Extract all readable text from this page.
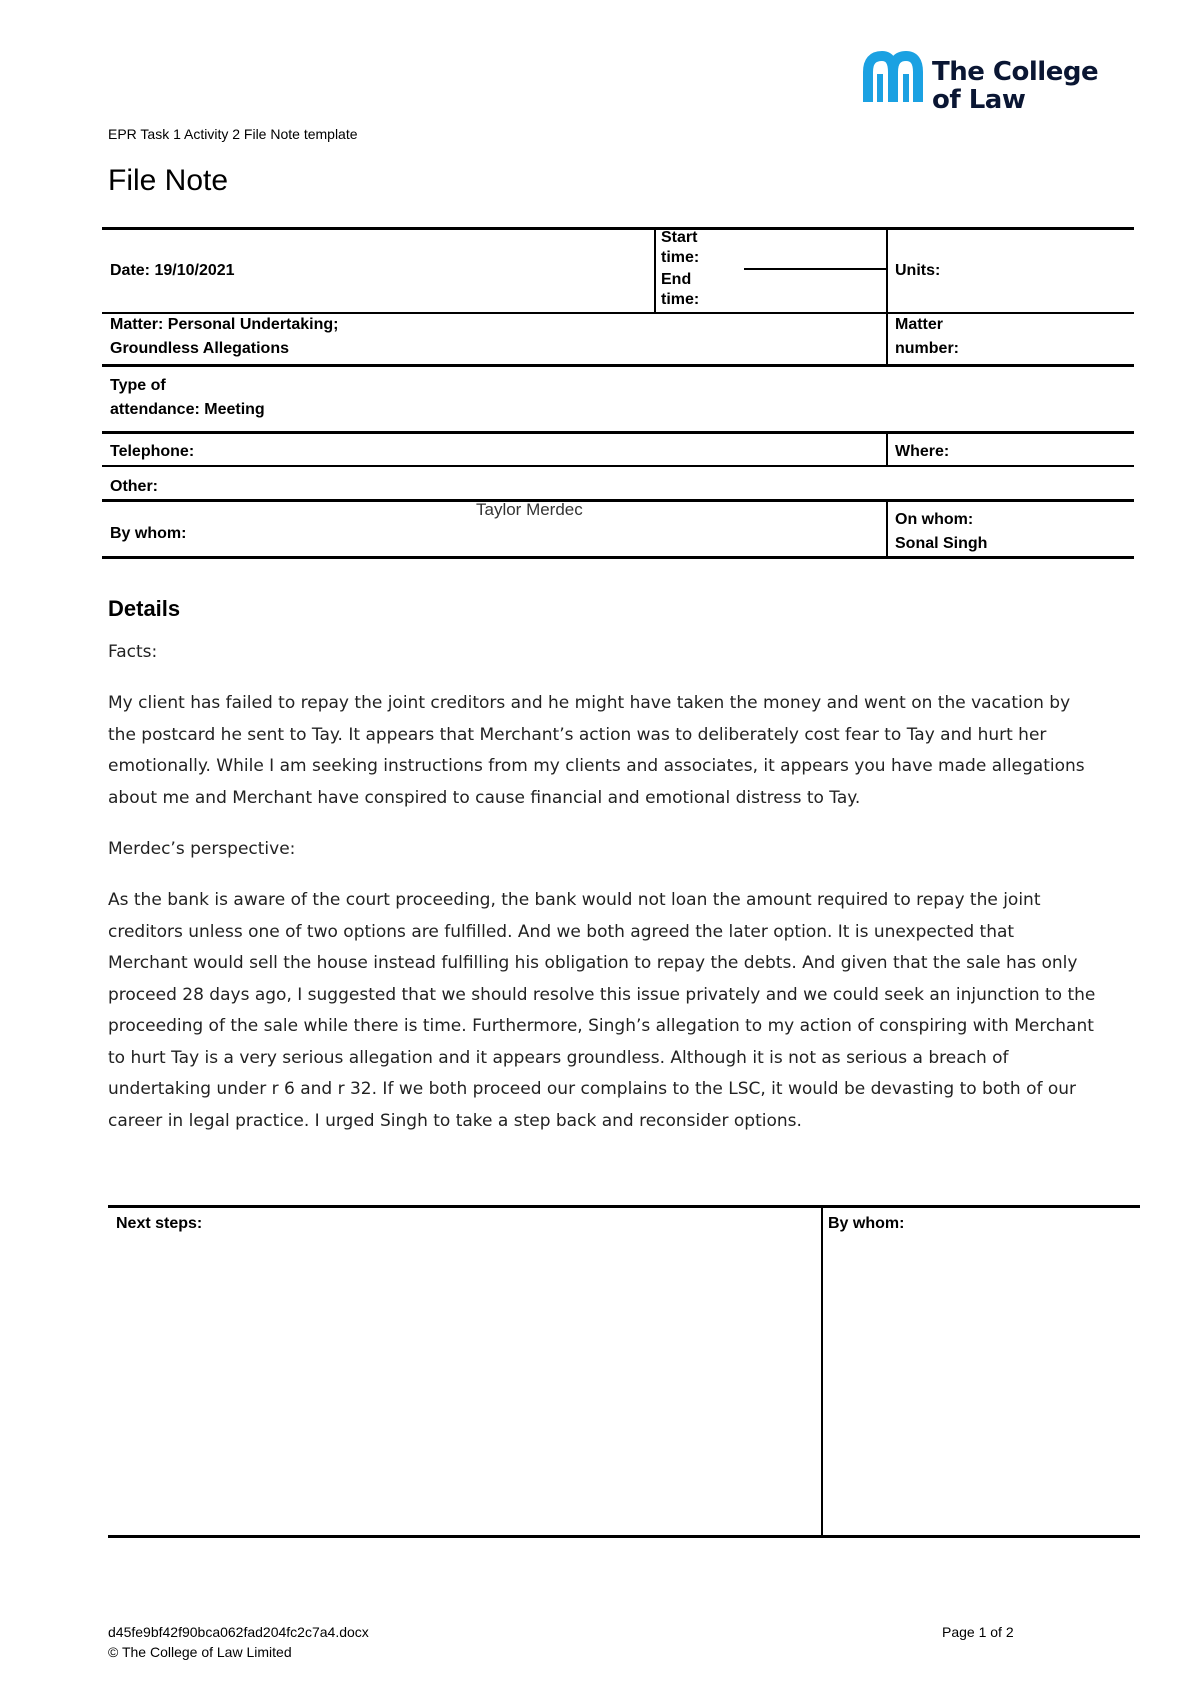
The College
of Law
EPR Task 1 Activity 2 File Note template
File Note
Date: 19/10/2021
Start time:
End time:
Units:
Matter: Personal Undertaking;
Groundless Allegations
Matter
number:
Type of
attendance: Meeting
Telephone:	Where:
Other:
Taylor Merdec
By whom:
On whom:
Sonal Singh
Details
Facts:
My client has failed to repay the joint creditors and he might have taken the money and went on the vacation by the postcard he sent to Tay. It appears that Merchant’s action was to deliberately cost fear to Tay and hurt her emotionally. While I am seeking instructions from my clients and associates, it appears you have made allegations about me and Merchant have conspired to cause financial and emotional distress to Tay.
Merdec’s perspective:
As the bank is aware of the court proceeding, the bank would not loan the amount required to repay the joint creditors unless one of two options are fulfilled. And we both agreed the later option. It is unexpected that Merchant would sell the house instead fulfilling his obligation to repay the debts. And given that the sale has only proceed 28 days ago, I suggested that we should resolve this issue privately and we could seek an injunction to the proceeding of the sale while there is time. Furthermore, Singh’s allegation to my action of conspiring with Merchant to hurt Tay is a very serious allegation and it appears groundless. Although it is not as serious a breach of undertaking under r 6 and r 32. If we both proceed our complains to the LSC, it would be devasting to both of our career in legal practice. I urged Singh to take a step back and reconsider options.
Next steps:	By whom:
d45fe9bf42f90bca062fad204fc2c7a4.docx
© The College of Law Limited
Page 1 of 2
